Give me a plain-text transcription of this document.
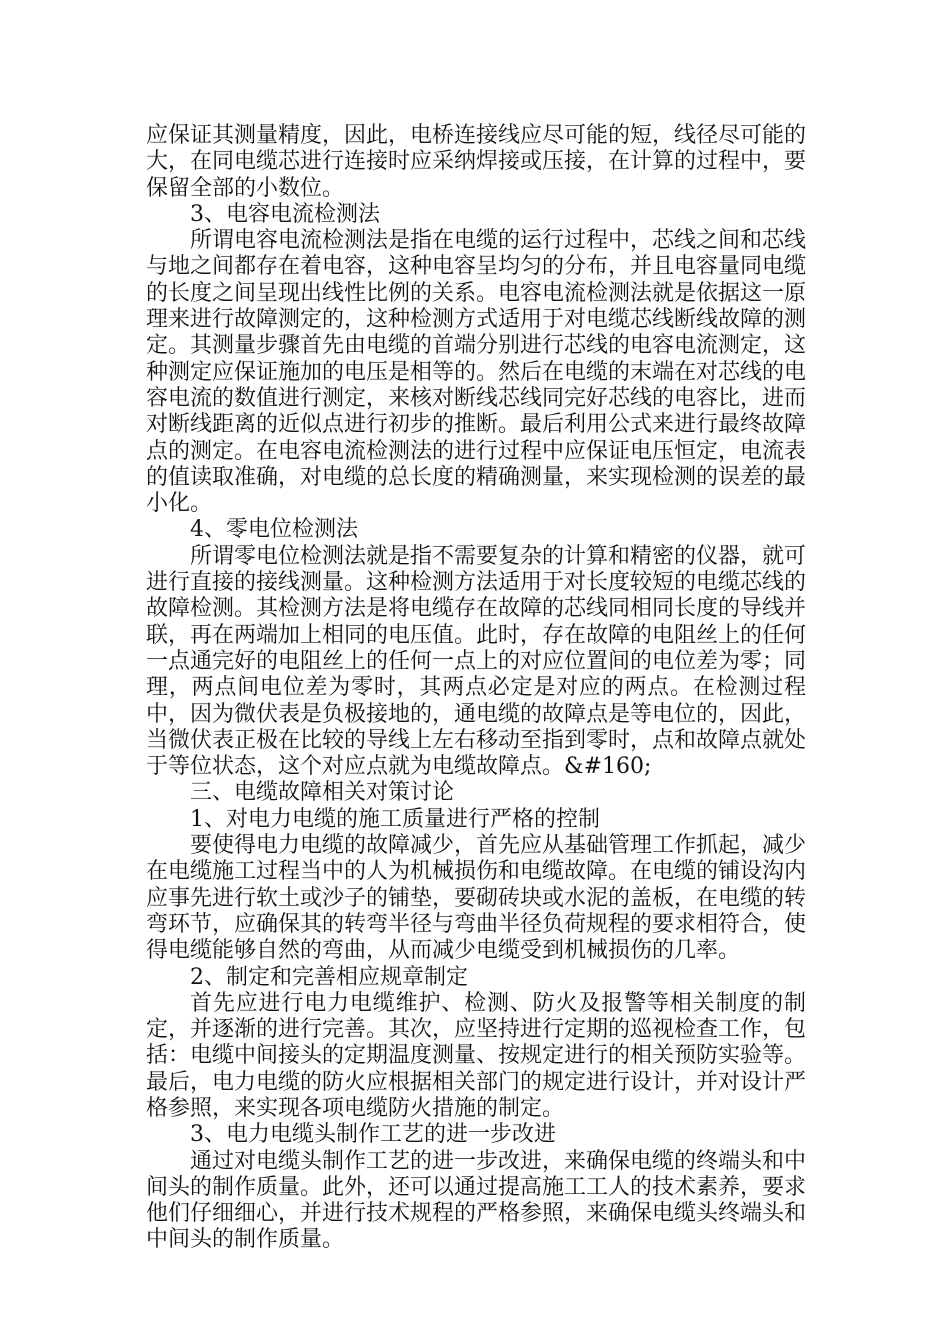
应保证其测量精度，因此，电桥连接线应尽可能的短，线径尽可能的大，在同电缆芯进行连接时应采纳焊接或压接，在计算的过程中，要保留全部的小数位。

3、电容电流检测法

所谓电容电流检测法是指在电缆的运行过程中，芯线之间和芯线与地之间都存在着电容，这种电容呈均匀的分布，并且电容量同电缆的长度之间呈现出线性比例的关系。电容电流检测法就是依据这一原理来进行故障测定的，这种检测方式适用于对电缆芯线断线故障的测定。其测量步骤首先由电缆的首端分别进行芯线的电容电流测定，这种测定应保证施加的电压是相等的。然后在电缆的末端在对芯线的电容电流的数值进行测定，来核对断线芯线同完好芯线的电容比，进而对断线距离的近似点进行初步的推断。最后利用公式来进行最终故障点的测定。在电容电流检测法的进行过程中应保证电压恒定，电流表的值读取准确，对电缆的总长度的精确测量，来实现检测的误差的最小化。

4、零电位检测法

所谓零电位检测法就是指不需要复杂的计算和精密的仪器，就可进行直接的接线测量。这种检测方法适用于对长度较短的电缆芯线的故障检测。其检测方法是将电缆存在故障的芯线同相同长度的导线并联，再在两端加上相同的电压值。此时，存在故障的电阻丝上的任何一点通完好的电阻丝上的任何一点上的对应位置间的电位差为零；同理，两点间电位差为零时，其两点必定是对应的两点。在检测过程中，因为微伏表是负极接地的，通电缆的故障点是等电位的，因此，当微伏表正极在比较的导线上左右移动至指到零时，点和故障点就处于等位状态，这个对应点就为电缆故障点。&#160;

三、电缆故障相关对策讨论

1、对电力电缆的施工质量进行严格的控制

要使得电力电缆的故障减少，首先应从基础管理工作抓起，减少在电缆施工过程当中的人为机械损伤和电缆故障。在电缆的铺设沟内应事先进行软土或沙子的铺垫，要砌砖块或水泥的盖板，在电缆的转弯环节，应确保其的转弯半径与弯曲半径负荷规程的要求相符合，使得电缆能够自然的弯曲，从而减少电缆受到机械损伤的几率。

2、制定和完善相应规章制定

首先应进行电力电缆维护、检测、防火及报警等相关制度的制定，并逐渐的进行完善。其次，应坚持进行定期的巡视检查工作，包括：电缆中间接头的定期温度测量、按规定进行的相关预防实验等。最后，电力电缆的防火应根据相关部门的规定进行设计，并对设计严格参照，来实现各项电缆防火措施的制定。

3、电力电缆头制作工艺的进一步改进

通过对电缆头制作工艺的进一步改进，来确保电缆的终端头和中间头的制作质量。此外，还可以通过提高施工工人的技术素养，要求他们仔细细心，并进行技术规程的严格参照，来确保电缆头终端头和中间头的制作质量。
